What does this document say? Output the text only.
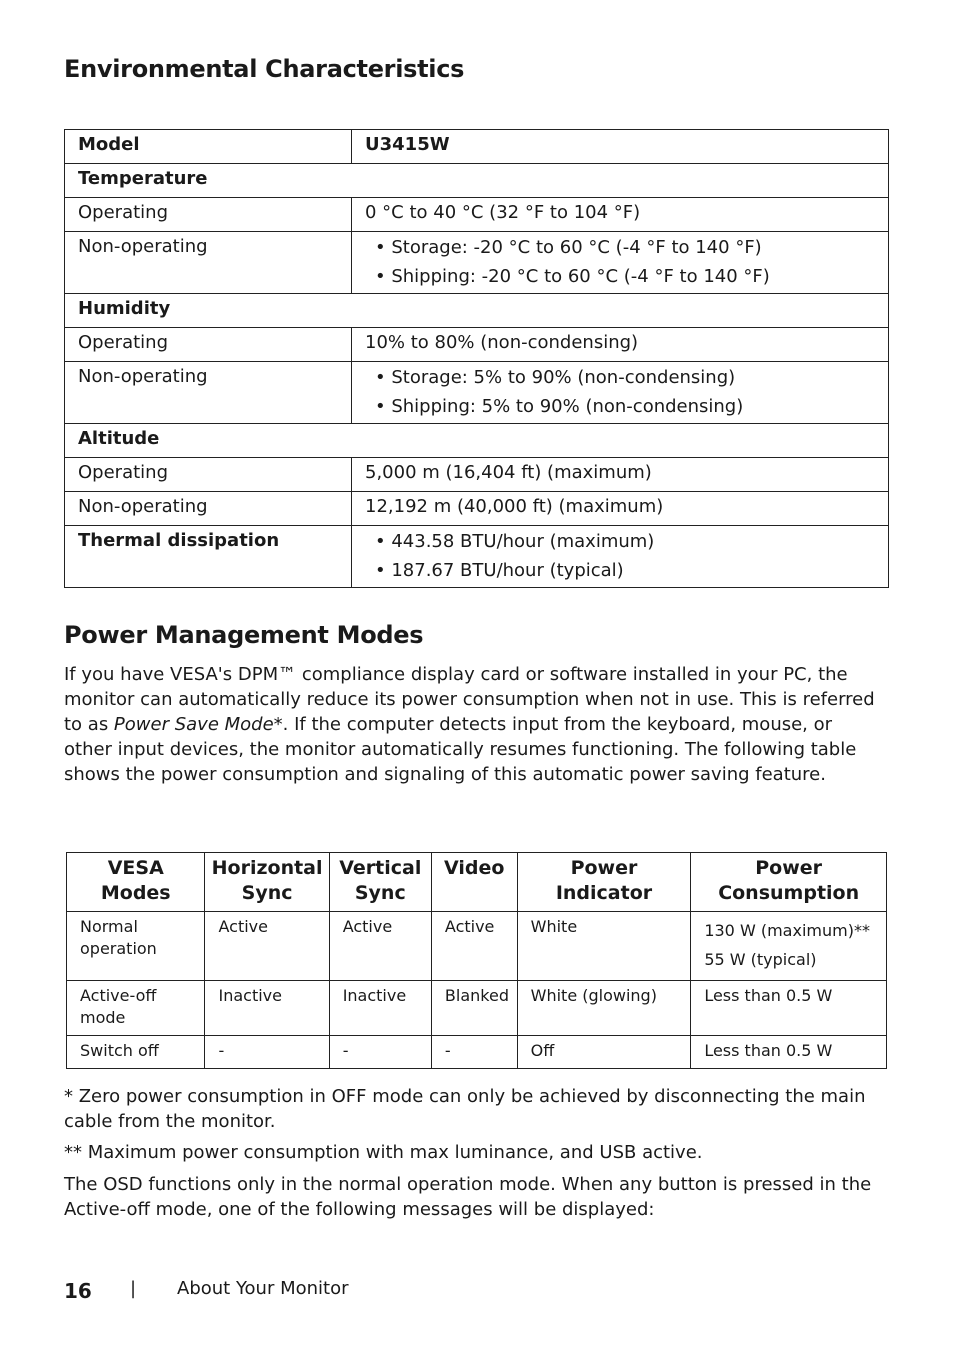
Environmental Characteristics
Model	U3415W
Temperature	
Operating	0 °C to 40 °C (32 °F to 104 °F)
Non-operating	• Storage: -20 °C to 60 °C (-4 °F to 140 °F)
• Shipping: -20 °C to 60 °C (-4 °F to 140 °F)

Humidity	
Operating	10% to 80% (non-condensing)
Non-operating	• Storage: 5% to 90% (non-condensing)
• Shipping: 5% to 90% (non-condensing)

Altitude	
Operating	5,000 m (16,404 ft) (maximum)
Non-operating	12,192 m (40,000 ft) (maximum)
Thermal dissipation	• 443.58 BTU/hour (maximum)
• 187.67 BTU/hour (typical)
Power Management Modes
If you have VESA's DPM™ compliance display card or software installed in your PC, the monitor can automatically reduce its power consumption when not in use. This is referred to as Power Save Mode*. If the computer detects input from the keyboard, mouse, or other input devices, the monitor automatically resumes functioning. The following table shows the power consumption and signaling of this automatic power saving feature.
VESA Modes	Horizontal Sync	Vertical Sync	Video	Power Indicator	Power Consumption
Normal operation	Active	Active	Active	White	130 W (maximum)**
55 W (typical)

Active-off mode	Inactive	Inactive	Blanked	White (glowing)	Less than 0.5 W
Switch off	-	-	-	Off	Less than 0.5 W
* Zero power consumption in OFF mode can only be achieved by disconnecting the main cable from the monitor.
** Maximum power consumption with max luminance, and USB active.
The OSD functions only in the normal operation mode. When any button is pressed in the Active-off mode, one of the following messages will be displayed:
16 | About Your Monitor
